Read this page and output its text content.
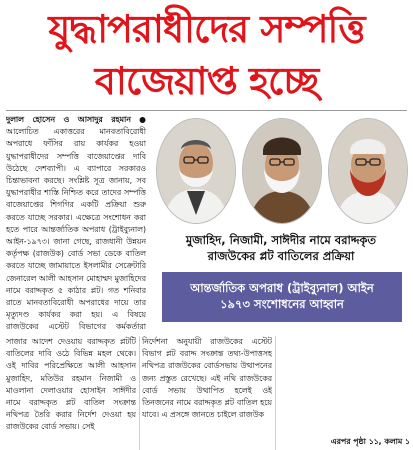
যুদ্ধাপরাধীদের সম্পত্তি
বাজেয়াপ্ত হচ্ছে

দুলাল হোসেন ও আসাদুর রহমান ● আলোচিত একাত্তরের মানবতাবিরোধী অপরাধে ফাঁসির রায় কার্যকর হওয়া যুদ্ধাপরাধীদের সম্পত্তি বাজেয়াপ্তের দাবি উঠেছে দেশব্যাপী। এ ব্যাপারে সরকারও চিন্তাভাবনা করছে। সংশ্লিষ্ট সূত্র জানায়, সব যুদ্ধাপরাধীর শাস্তি নিশ্চিত করে তাদের সম্পত্তি বাজেয়াপ্তের শিগগির একটি প্রক্রিয়া শুরু করতে যাচ্ছে সরকার। এক্ষেত্রে সংশোধন করা হতে পারে আন্তর্জাতিক অপরাধ (ট্রাইব্যুনাল) আইন-১৯৭৩। জানা গেছে, রাজধানী উন্নয়ন কর্তৃপক্ষ (রাজউক) বোর্ড সভা ডেকে বাতিল করতে যাচ্ছে জামায়াতে ইসলামীর সেক্রেটারি জেনারেল আলী আহসান মোহাম্মদ মুজাহিদের নামে বরাদ্দকৃত ৫ কাঠার প্লট। গত শনিবার রাতে মানবতাবিরোধী অপরাধের দায়ে তার মৃত্যুদণ্ড কার্যকর করা হয়। এ বিষয়ে রাজউকের এস্টেট বিভাগের কর্মকর্তারা

মুজাহিদ, নিজামী, সাঈদীর নামে বরাদ্দকৃত
রাজউকের প্লট বাতিলের প্রক্রিয়া
আন্তর্জাতিক অপরাধ (ট্রাইব্যুনাল) আইন
১৯৭৩ সংশোধনের আহ্বান

সাজার আদেশ দেওয়ায় বরাদ্দকৃত প্লটটি বাতিলের দাবি ওঠে বিভিন্ন মহল থেকে। ওই দাবির পরিপ্রেক্ষিতে আলী আহসান মুজাহিদ, মতিউর রহমান নিজামী ও মাওলানা দেলাওয়ার হোসাইন সাঈদীর নামে বরাদ্দকৃত প্লট বাতিল সংক্রান্ত নথিপত্র তৈরি করার নির্দেশ দেওয়া হয় রাজউকের বোর্ড সভায়। সেই

নির্দেশনা অনুযায়ী রাজউকের এস্টেট বিভাগ প্লট বরাদ্দ সংক্রান্ত তথ্য-উপাত্তসহ নথিপত্র রাজউকের বোর্ডসভায় উত্থাপনের জন্য প্রস্তুত রেখেছে। এই নথি রাজউকের বোর্ড সভায় উত্থাপিত হলেই ওই তিনজনের নামে বরাদ্দকৃত প্লট বাতিল হয়ে যাবে। এ প্রসঙ্গে জানতে চাইলে রাজউক

এরপর পৃষ্ঠা ১১, কলাম ১
